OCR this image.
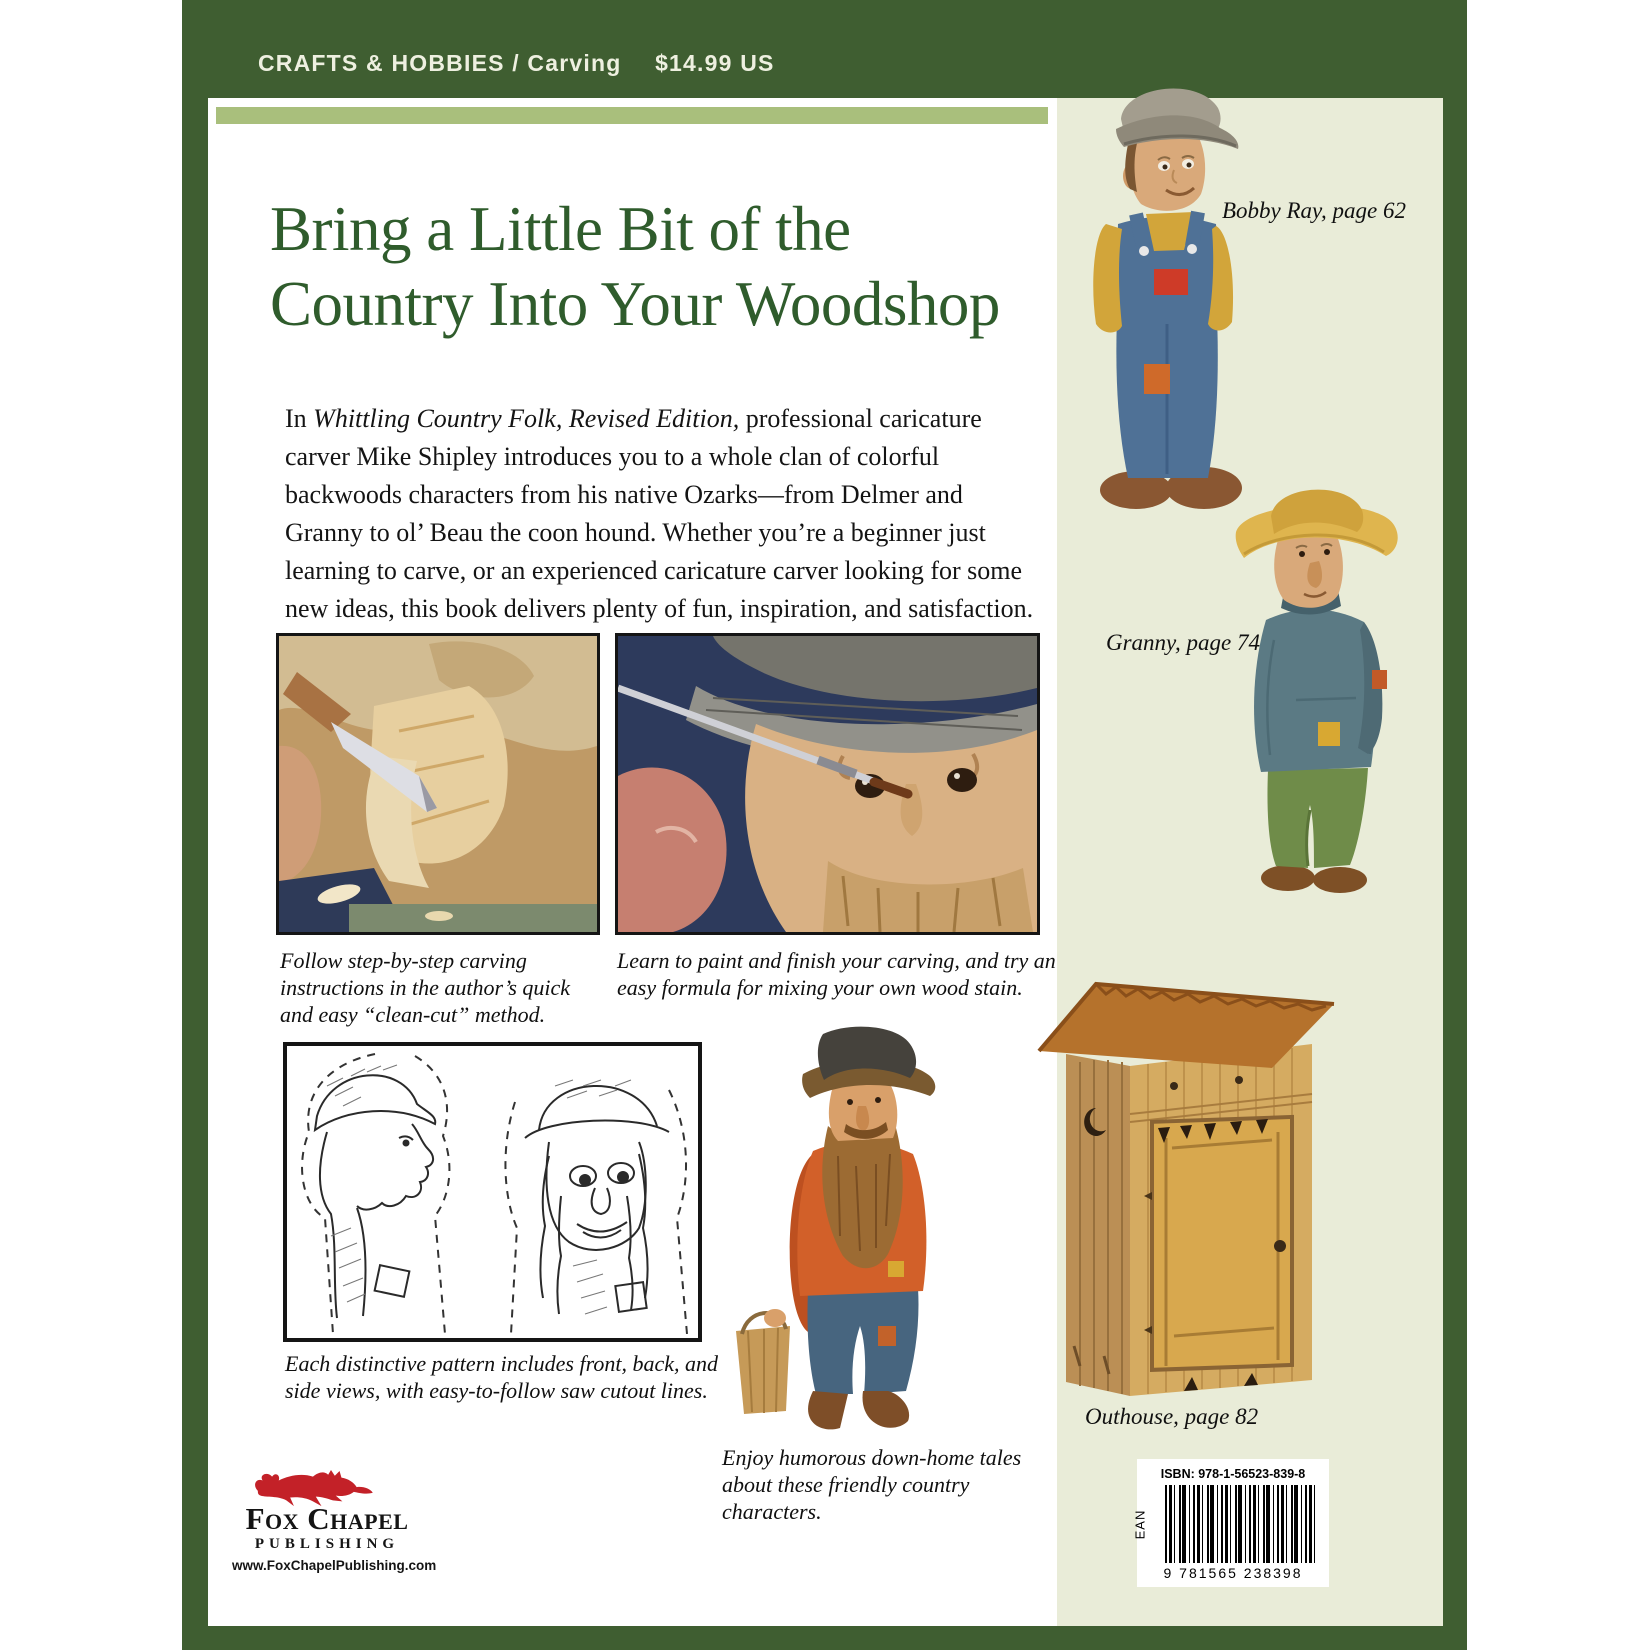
CRAFTS & HOBBIES / Carving $14.99 US
Bring a Little Bit of the
Country Into Your Woodshop
In Whittling Country Folk, Revised Edition, professional caricature carver Mike Shipley introduces you to a whole clan of colorful backwoods characters from his native Ozarks—from Delmer and Granny to ol’ Beau the coon hound. Whether you’re a beginner just learning to carve, or an experienced caricature carver looking for some new ideas, this book delivers plenty of fun, inspiration, and satisfaction.
Follow step-by-step carving instructions in the author’s quick and easy “clean-cut” method.
Learn to paint and finish your carving, and try an easy formula for mixing your own wood stain.
Each distinctive pattern includes front, back, and side views, with easy-to-follow saw cutout lines.
Enjoy humorous down-home tales about these friendly country characters.
Fox Chapel
PUBLISHING
www.FoxChapelPublishing.com
Bobby Ray, page 62
Granny, page 74
Outhouse, page 82
ISBN: 978-1-56523-839-8
EAN
9 781565 238398
